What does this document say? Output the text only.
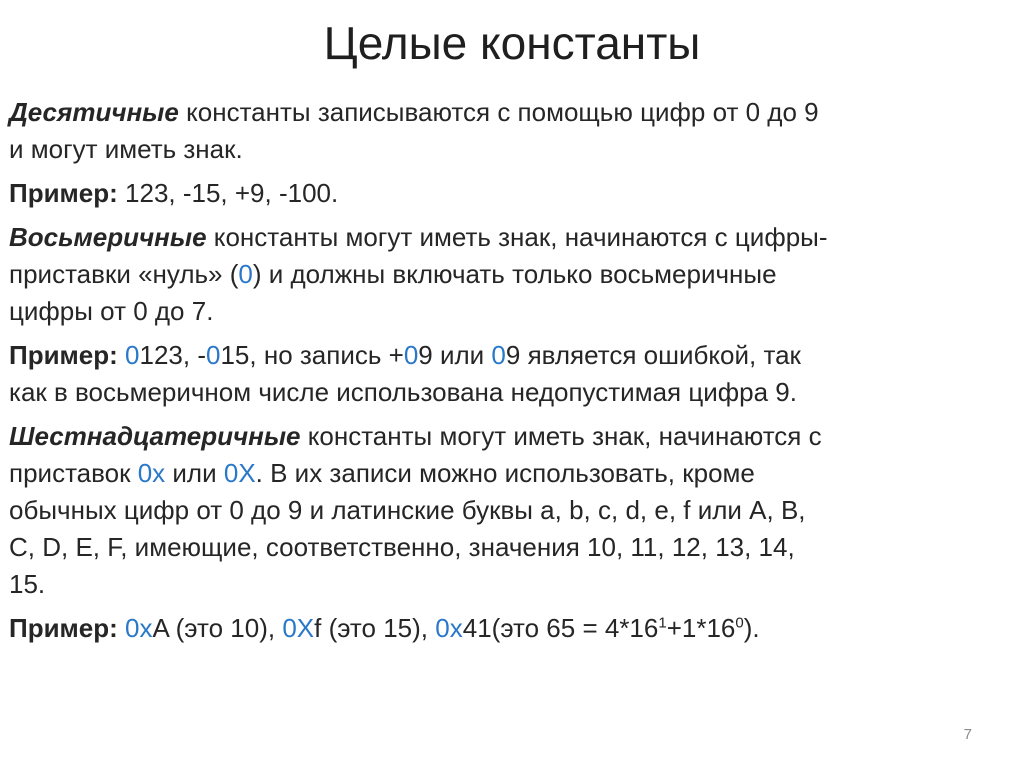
Целые константы
Десятичные константы записываются с помощью цифр от 0 до 9
и могут иметь знак.
Пример: 123, -15, +9, -100.
Восьмеричные константы могут иметь знак, начинаются с цифры-
приставки «нуль» (0) и должны включать только восьмеричные
цифры от 0 до 7.
Пример: 0123, -015, но запись +09 или 09 является ошибкой, так
как в восьмеричном числе использована недопустимая цифра 9.
Шестнадцатеричные константы могут иметь знак, начинаются с
приставок 0x или 0X. В их записи можно использовать, кроме
обычных цифр от 0 до 9 и латинские буквы a, b, c, d, e, f или A, B,
C, D, E, F, имеющие, соответственно, значения 10, 11, 12, 13, 14,
15.
Пример: 0xA (это 10), 0Xf (это 15), 0x41(это $65 = 4*16^1+1*16^0$).
7
